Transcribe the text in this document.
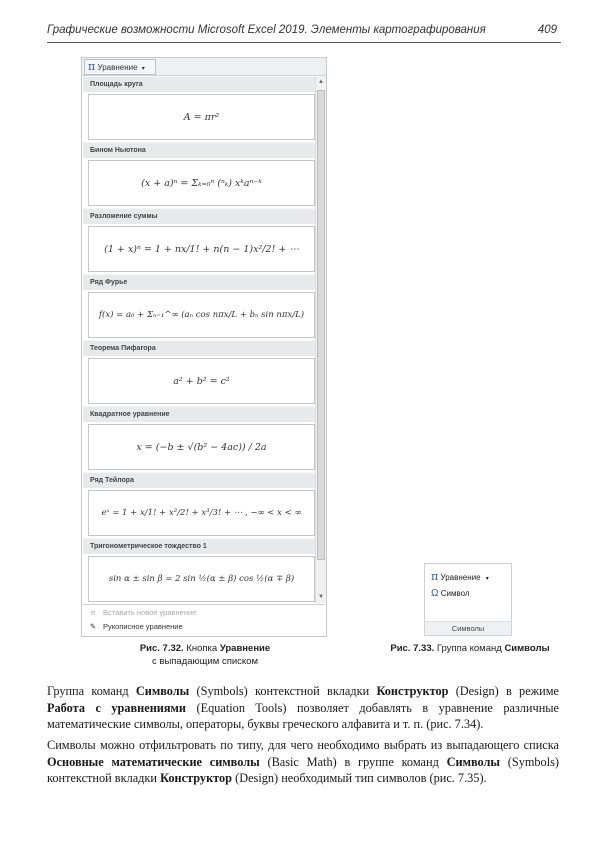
Графические возможности Microsoft Excel 2019. Элементы картографирования	409
π Уравнение ▾
Площадь круга
A = πr²
Бином Ньютона
(x + a)ⁿ = Σₖ₌₀ⁿ (ⁿₖ) xᵏaⁿ⁻ᵏ
Разложение суммы
(1 + x)ⁿ = 1 + nx/1! + n(n − 1)x²/2! + ⋯
Ряд Фурье
f(x) = a₀ + Σₙ₌₁^∞ (aₙ cos nπx/L + bₙ sin nπx/L)
Теорема Пифагора
a² + b² = c²
Квадратное уравнение
x = (−b ± √(b² − 4ac)) / 2a
Ряд Тейлора
eˣ = 1 + x/1! + x²/2! + x³/3! + ⋯ , −∞ < x < ∞
Тригонометрическое тождество 1
sin α ± sin β = 2 sin ½(α ± β) cos ½(α ∓ β)
▲
▼
π Вставить новое уравнение
✎ Рукописное уравнение
Рис. 7.32. Кнопка Уравнение
с выпадающим списком
π Уравнение ▾
Ω Символ
Символы
Рис. 7.33. Группа команд Символы
Группа команд Символы (Symbols) контекстной вкладки Конструктор (Design) в режиме Работа с уравнениями (Equation Tools) позволяет добавлять в уравнение различные математические символы, операторы, буквы греческого алфавита и т. п. (рис. 7.34).
Символы можно отфильтровать по типу, для чего необходимо выбрать из выпадающего списка Основные математические символы (Basic Math) в группе команд Символы (Symbols) контекстной вкладки Конструктор (Design) необходимый тип символов (рис. 7.35).
